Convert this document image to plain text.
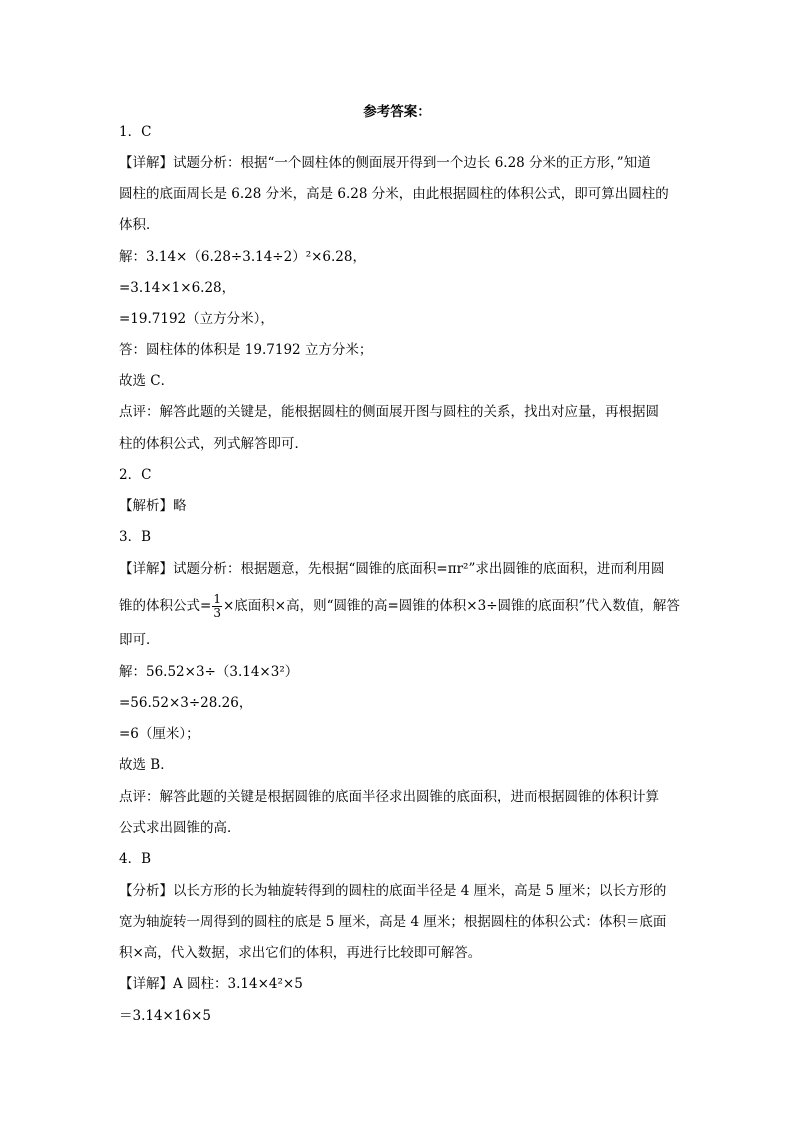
参考答案：
1．C
【详解】试题分析：根据“一个圆柱体的侧面展开得到一个边长 6.28 分米的正方形，”知道
圆柱的底面周长是 6.28 分米，高是 6.28 分米，由此根据圆柱的体积公式，即可算出圆柱的
体积．
解：3.14×（6.28÷3.14÷2）²×6.28，
=3.14×1×6.28，
=19.7192（立方分米），
答：圆柱体的体积是 19.7192 立方分米；
故选 C．
点评：解答此题的关键是，能根据圆柱的侧面展开图与圆柱的关系，找出对应量，再根据圆
柱的体积公式，列式解答即可．
2．C
【解析】略
3．B
【详解】试题分析：根据题意，先根据“圆锥的底面积=πr²”求出圆锥的底面积，进而利用圆
锥的体积公式= $\frac{1}{3}$ ×底面积×高，则“圆锥的高=圆锥的体积×3÷圆锥的底面积”代入数值，解答
即可．
解：56.52×3÷（3.14×3²）
=56.52×3÷28.26，
=6（厘米）；
故选 B．
点评：解答此题的关键是根据圆锥的底面半径求出圆锥的底面积，进而根据圆锥的体积计算
公式求出圆锥的高．
4．B
【分析】以长方形的长为轴旋转得到的圆柱的底面半径是 4 厘米，高是 5 厘米；以长方形的
宽为轴旋转一周得到的圆柱的底是 5 厘米，高是 4 厘米；根据圆柱的体积公式：体积＝底面
积×高，代入数据，求出它们的体积，再进行比较即可解答。
【详解】A 圆柱：3.14×4²×5
＝3.14×16×5
